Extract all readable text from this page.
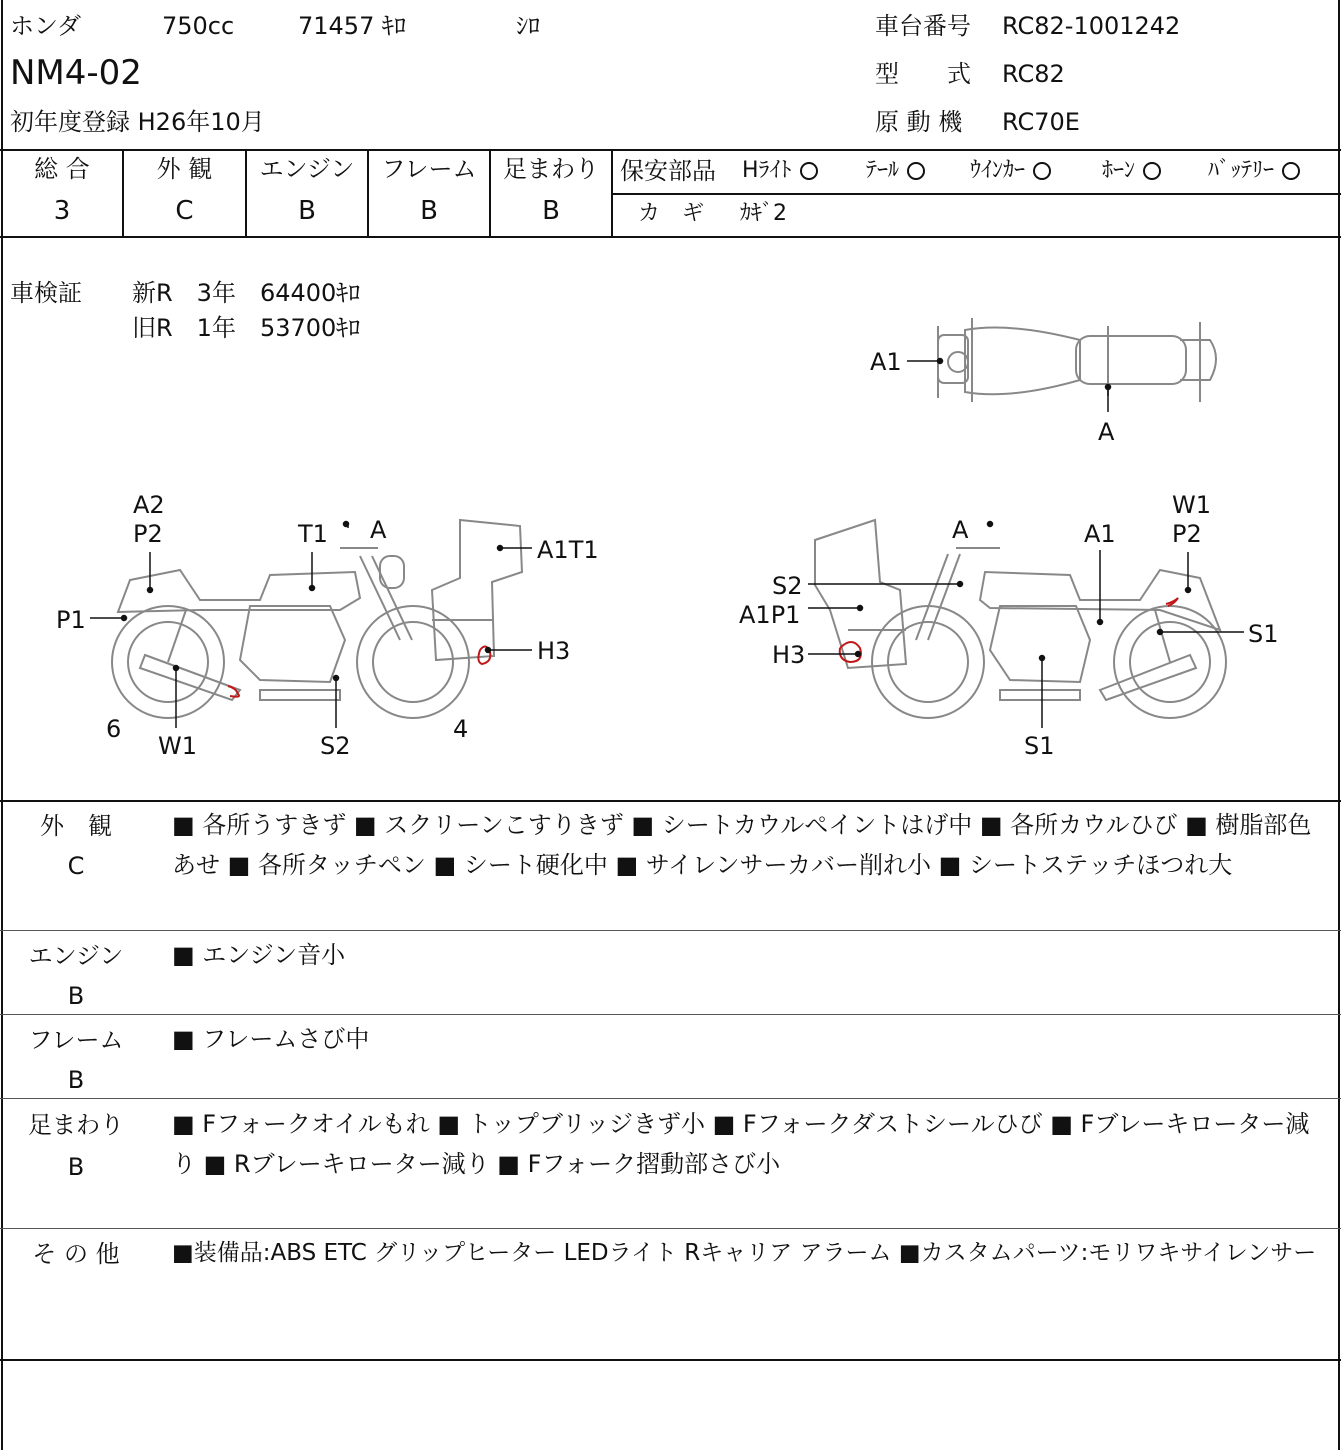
ホンダ	750cc	71457 ｷﾛ	ｼﾛ
NM4-02
初年度登録 H26年10月
車台番号 RC82-1001242
型　　式 RC82
原 動 機 RC70E
総 合
3
外 観
C
エンジン
B
フレーム
B
足まわり
B
保安部品 Hﾗｲﾄ	ﾃｰﾙ	ｳｲﾝｶｰ	ﾎｰﾝ	ﾊﾞｯﾃﾘｰ
カ　ギ ｶｷﾞ2
車検証 新R　3年　64400ｷﾛ
旧R　1年　53700ｷﾛ
A1
A
A2
P2
P1
T1 A
A1T1
H3
6
W1	S2
4
A	A1
W1
P2
S2
A1P1
H3
S1
S1
外　観
C
■ 各所うすきず ■ スクリーンこすりきず ■ シートカウルペイントはげ中 ■ 各所カウルひび ■ 樹脂部色あせ ■ 各所タッチペン ■ シート硬化中 ■ サイレンサーカバー削れ小 ■ シートステッチほつれ大
エンジン
B
■ エンジン音小
フレーム
B
■ フレームさび中
足まわり
B
■ Fフォークオイルもれ ■ トップブリッジきず小 ■ Fフォークダストシールひび ■ Fブレーキローター減り ■ Rブレーキローター減り ■ Fフォーク摺動部さび小
そ の 他	■装備品:ABS ETC グリップヒーター LEDライト Rキャリア アラーム ■カスタムパーツ:モリワキサイレンサー
